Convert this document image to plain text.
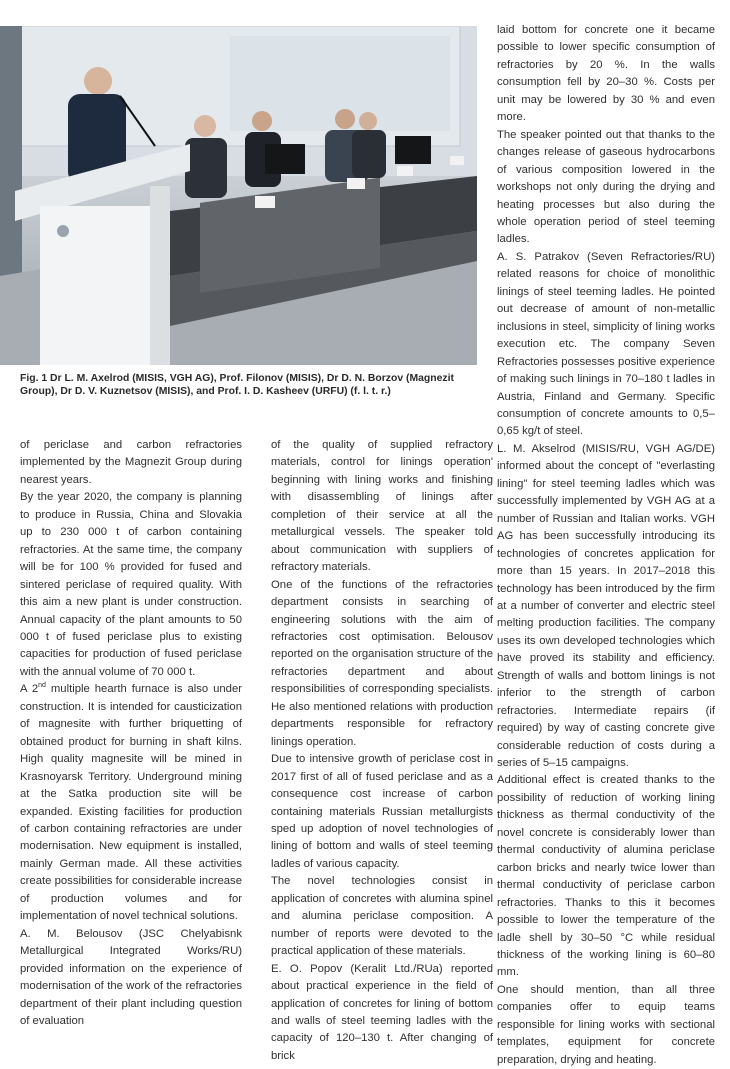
Fig. 1 Dr L. M. Axelrod (MISIS, VGH AG), Prof. Filonov (MISIS), Dr D. N. Borzov (Magnezit Group), Dr D. V. Kuznetsov (MISIS), and Prof. I. D. Kasheev (URFU) (f. l. t. r.)

of periclase and carbon refractories implemented by the Magnezit Group during nearest years.

By the year 2020, the company is planning to produce in Russia, China and Slovakia up to 230 000 t of carbon containing refractories. At the same time, the company will be for 100 % provided for fused and sintered periclase of required quality. With this aim a new plant is under construction. Annual capacity of the plant amounts to 50 000 t of fused periclase plus to existing capacities for production of fused periclase with the annual volume of 70 000 t.

A 2nd multiple hearth furnace is also under construction. It is intended for causticization of magnesite with further briquetting of obtained product for burning in shaft kilns. High quality magnesite will be mined in Krasnoyarsk Territory. Underground mining at the Satka production site will be expanded. Existing facilities for production of carbon containing refractories are under modernisation. New equipment is installed, mainly German made. All these activities create possibilities for considerable increase of production volumes and for implementation of novel technical solutions.

A. M. Belousov (JSC Chelyabisnk Metallurgical Integrated Works/RU) provided information on the experience of modernisation of the work of the refractories department of their plant including question of evaluation

of the quality of supplied refractory materials, control for linings operation' beginning with lining works and finishing with disassembling of linings after completion of their service at all the metallurgical vessels. The speaker told about communication with suppliers of refractory materials.

One of the functions of the refractories department consists in searching of engineering solutions with the aim of refractories cost optimisation. Belousov reported on the organisation structure of the refractories department and about responsibilities of corresponding specialists. He also mentioned relations with production departments responsible for refractory linings operation.

Due to intensive growth of periclase cost in 2017 first of all of fused periclase and as a consequence cost increase of carbon containing materials Russian metallurgists sped up adoption of novel technologies of lining of bottom and walls of steel teeming ladles of various capacity.

The novel technologies consist in application of concretes with alumina spinel and alumina periclase composition. A number of reports were devoted to the practical application of these materials.

E. O. Popov (Keralit Ltd./RUa) reported about practical experience in the field of application of concretes for lining of bottom and walls of steel teeming ladles with the capacity of 120–130 t. After changing of brick

laid bottom for concrete one it became possible to lower specific consumption of refractories by 20 %. In the walls consumption fell by 20–30 %. Costs per unit may be lowered by 30 % and even more.

The speaker pointed out that thanks to the changes release of gaseous hydrocarbons of various composition lowered in the workshops not only during the drying and heating processes but also during the whole operation period of steel teeming ladles.

A. S. Patrakov (Seven Refractories/RU) related reasons for choice of monolithic linings of steel teeming ladles. He pointed out decrease of amount of non-metallic inclusions in steel, simplicity of lining works execution etc. The company Seven Refractories possesses positive experience of making such linings in 70–180 t ladles in Austria, Finland and Germany. Specific consumption of concrete amounts to 0,5–0,65 kg/t of steel.

L. M. Akselrod (MISIS/RU, VGH AG/DE) informed about the concept of "everlasting lining" for steel teeming ladles which was successfully implemented by VGH AG at a number of Russian and Italian works. VGH AG has been successfully introducing its technologies of concretes application for more than 15 years. In 2017–2018 this technology has been introduced by the firm at a number of converter and electric steel melting production facilities. The company uses its own developed technologies which have proved its stability and efficiency. Strength of walls and bottom linings is not inferior to the strength of carbon refractories. Intermediate repairs (if required) by way of casting concrete give considerable reduction of costs during a series of 5–15 campaigns.

Additional effect is created thanks to the possibility of reduction of working lining thickness as thermal conductivity of the novel concrete is considerably lower than thermal conductivity of alumina periclase carbon bricks and nearly twice lower than thermal conductivity of periclase carbon refractories. Thanks to this it becomes possible to lower the temperature of the ladle shell by 30–50 °C while residual thickness of the working lining is 60–80 mm.

One should mention, than all three companies offer to equip teams responsible for lining works with sectional templates, equipment for concrete preparation, drying and heating.
